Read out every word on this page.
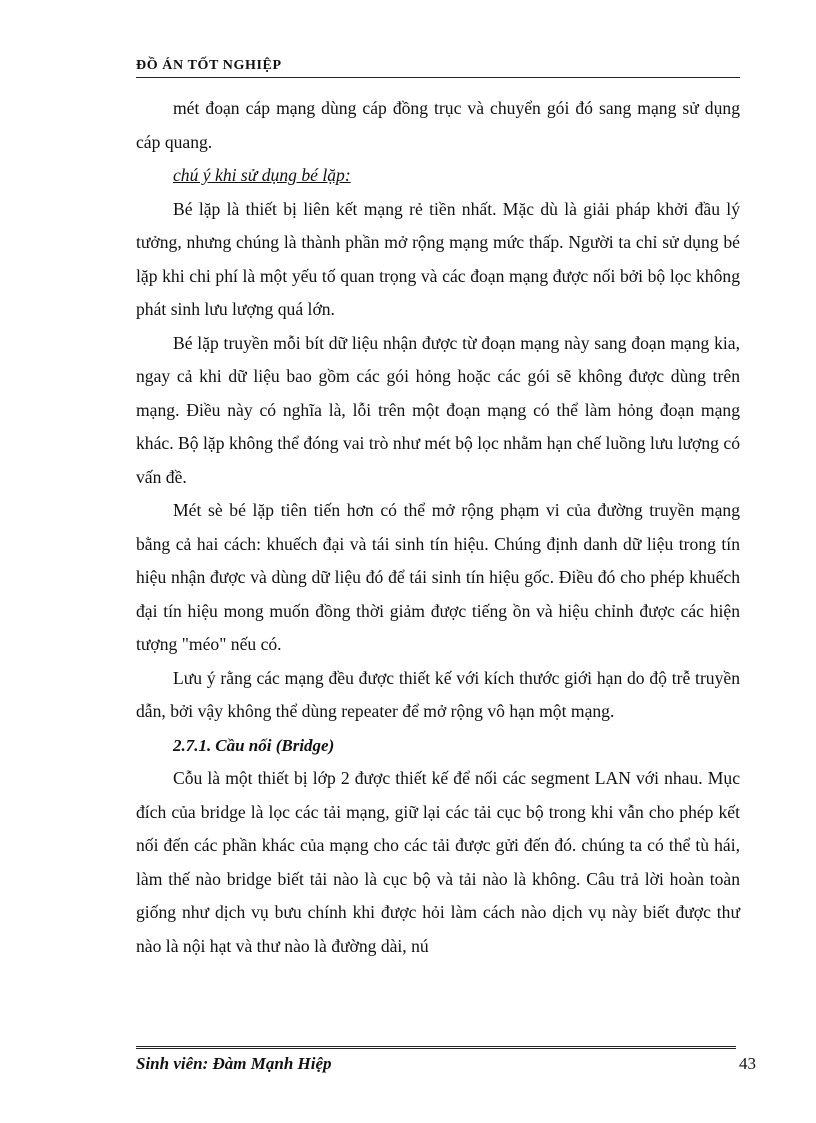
ĐỒ ÁN TỐT NGHIỆP

mét đoạn cáp mạng dùng cáp đồng trục và chuyển gói đó sang mạng sử dụng cáp quang.

chú ý khi sử dụng bé lặp:

Bé lặp là thiết bị liên kết mạng rẻ tiền nhất. Mặc dù là giải pháp khởi đầu lý tưởng, nhưng chúng là thành phần mở rộng mạng mức thấp. Người ta chỉ sử dụng bé lặp khi chi phí là một yếu tố quan trọng và các đoạn mạng được nối bởi bộ lọc không phát sinh lưu lượng quá lớn.

Bé lặp truyền mỗi bít dữ liệu nhận được từ đoạn mạng này sang đoạn mạng kia, ngay cả khi dữ liệu bao gồm các gói hỏng hoặc các gói sẽ không được dùng trên mạng. Điều này có nghĩa là, lỗi trên một đoạn mạng có thể làm hỏng đoạn mạng khác. Bộ lặp không thể đóng vai trò như mét bộ lọc nhằm hạn chế luồng lưu lượng có vấn đề.

Mét sè bé lặp tiên tiến hơn có thể mở rộng phạm vi của đường truyền mạng bằng cả hai cách: khuếch đại và tái sinh tín hiệu. Chúng định danh dữ liệu trong tín hiệu nhận được và dùng dữ liệu đó để tái sinh tín hiệu gốc. Điều đó cho phép khuếch đại tín hiệu mong muốn đồng thời giảm được tiếng ồn và hiệu chỉnh được các hiện tượng "méo" nếu có.

Lưu ý rằng các mạng đều được thiết kế với kích thước giới hạn do độ trễ truyền dẫn, bởi vậy không thể dùng repeater để mở rộng vô hạn một mạng.

2.7.1. Cầu nối (Bridge)

Cỗu là một thiết bị lớp 2 được thiết kế để nối các segment LAN với nhau. Mục đích của bridge là lọc các tải mạng, giữ lại các tải cục bộ trong khi vẫn cho phép kết nối đến các phần khác của mạng cho các tải được gửi đến đó. chúng ta có thể tù hái, làm thế nào bridge biết tải nào là cục bộ và tải nào là không. Câu trả lời hoàn toàn giống như dịch vụ bưu chính khi được hỏi làm cách nào dịch vụ này biết được thư nào là nội hạt và thư nào là đường dài, nú

Sinh viên: Đàm Mạnh Hiệp	43
